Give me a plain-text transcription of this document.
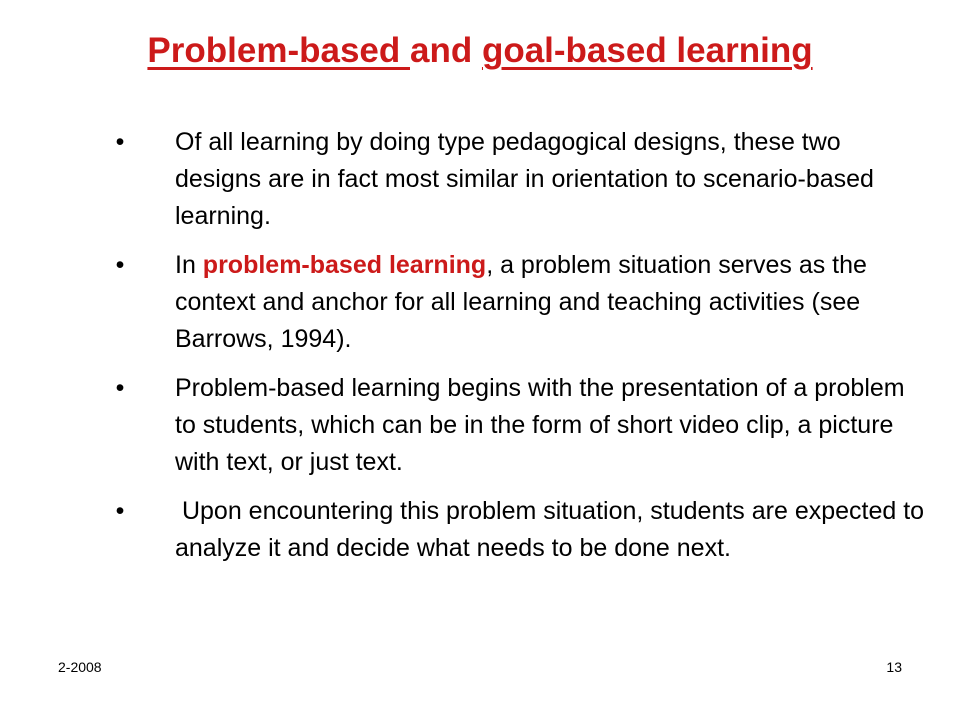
Problem-based and goal-based learning
• Of all learning by doing type pedagogical designs, these two designs are in fact most similar in orientation to scenario-based learning.
• In problem-based learning, a problem situation serves as the context and anchor for all learning and teaching activities (see Barrows, 1994).
• Problem-based learning begins with the presentation of a problem to students, which can be in the form of short video clip, a picture with text, or just text.
• Upon encountering this problem situation, students are expected to analyze it and decide what needs to be done next.
2-2008	13
